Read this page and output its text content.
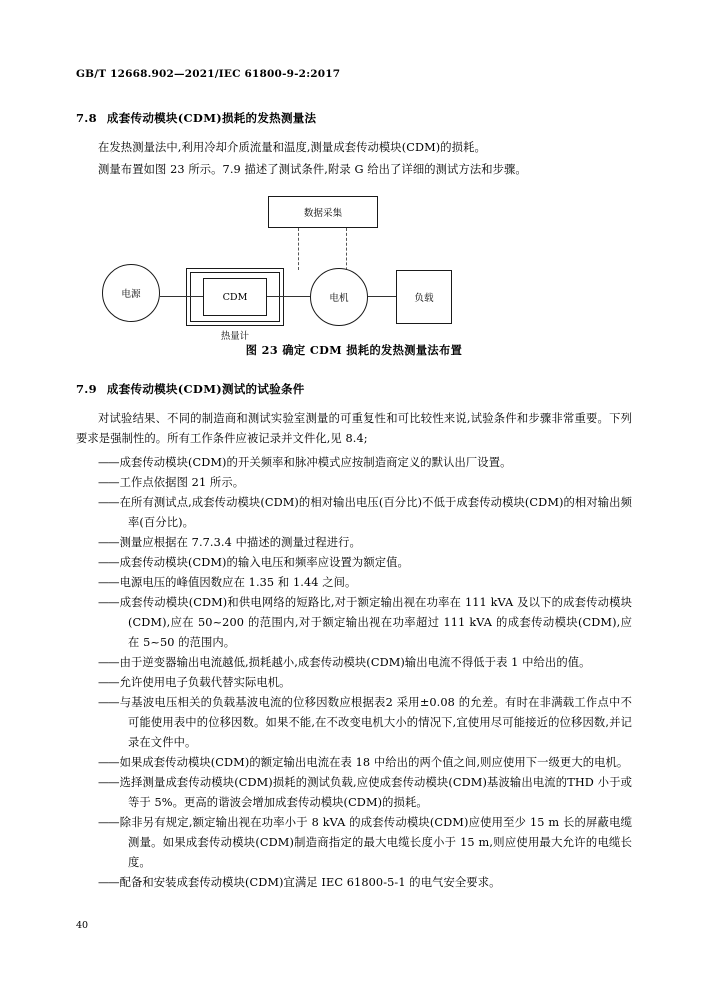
GB/T 12668.902—2021/IEC 61800-9-2:2017
7.8 成套传动模块(CDM)损耗的发热测量法

在发热测量法中,利用冷却介质流量和温度,测量成套传动模块(CDM)的损耗。

测量布置如图 23 所示。7.9 描述了测试条件,附录 G 给出了详细的测试方法和步骤。

数据采集
电源	CDM
热量计
电机	负载
图 23 确定 CDM 损耗的发热测量法布置
7.9 成套传动模块(CDM)测试的试验条件

对试验结果、不同的制造商和测试实验室测量的可重复性和可比较性来说,试验条件和步骤非常重要。下列要求是强制性的。所有工作条件应被记录并文件化,见 8.4;

——成套传动模块(CDM)的开关频率和脉冲模式应按制造商定义的默认出厂设置。
——工作点依据图 21 所示。
——在所有测试点,成套传动模块(CDM)的相对输出电压(百分比)不低于成套传动模块(CDM)的相对输出频率(百分比)。
——测量应根据在 7.7.3.4 中描述的测量过程进行。
——成套传动模块(CDM)的输入电压和频率应设置为额定值。
——电源电压的峰值因数应在 1.35 和 1.44 之间。
——成套传动模块(CDM)和供电网络的短路比,对于额定输出视在功率在 111 kVA 及以下的成套传动模块(CDM),应在 50~200 的范围内,对于额定输出视在功率超过 111 kVA 的成套传动模块(CDM),应在 5~50 的范围内。
——由于逆变器输出电流越低,损耗越小,成套传动模块(CDM)输出电流不得低于表 1 中给出的值。
——允许使用电子负载代替实际电机。
——与基波电压相关的负载基波电流的位移因数应根据表2 采用±0.08 的允差。有时在非满载工作点中不可能使用表中的位移因数。如果不能,在不改变电机大小的情况下,宜使用尽可能接近的位移因数,并记录在文件中。
——如果成套传动模块(CDM)的额定输出电流在表 18 中给出的两个值之间,则应使用下一级更大的电机。
——选择测量成套传动模块(CDM)损耗的测试负载,应使成套传动模块(CDM)基波输出电流的THD 小于或等于 5%。更高的谐波会增加成套传动模块(CDM)的损耗。
——除非另有规定,额定输出视在功率小于 8 kVA 的成套传动模块(CDM)应使用至少 15 m 长的屏蔽电缆测量。如果成套传动模块(CDM)制造商指定的最大电缆长度小于 15 m,则应使用最大允许的电缆长度。
——配备和安装成套传动模块(CDM)宜满足 IEC 61800-5-1 的电气安全要求。
40
